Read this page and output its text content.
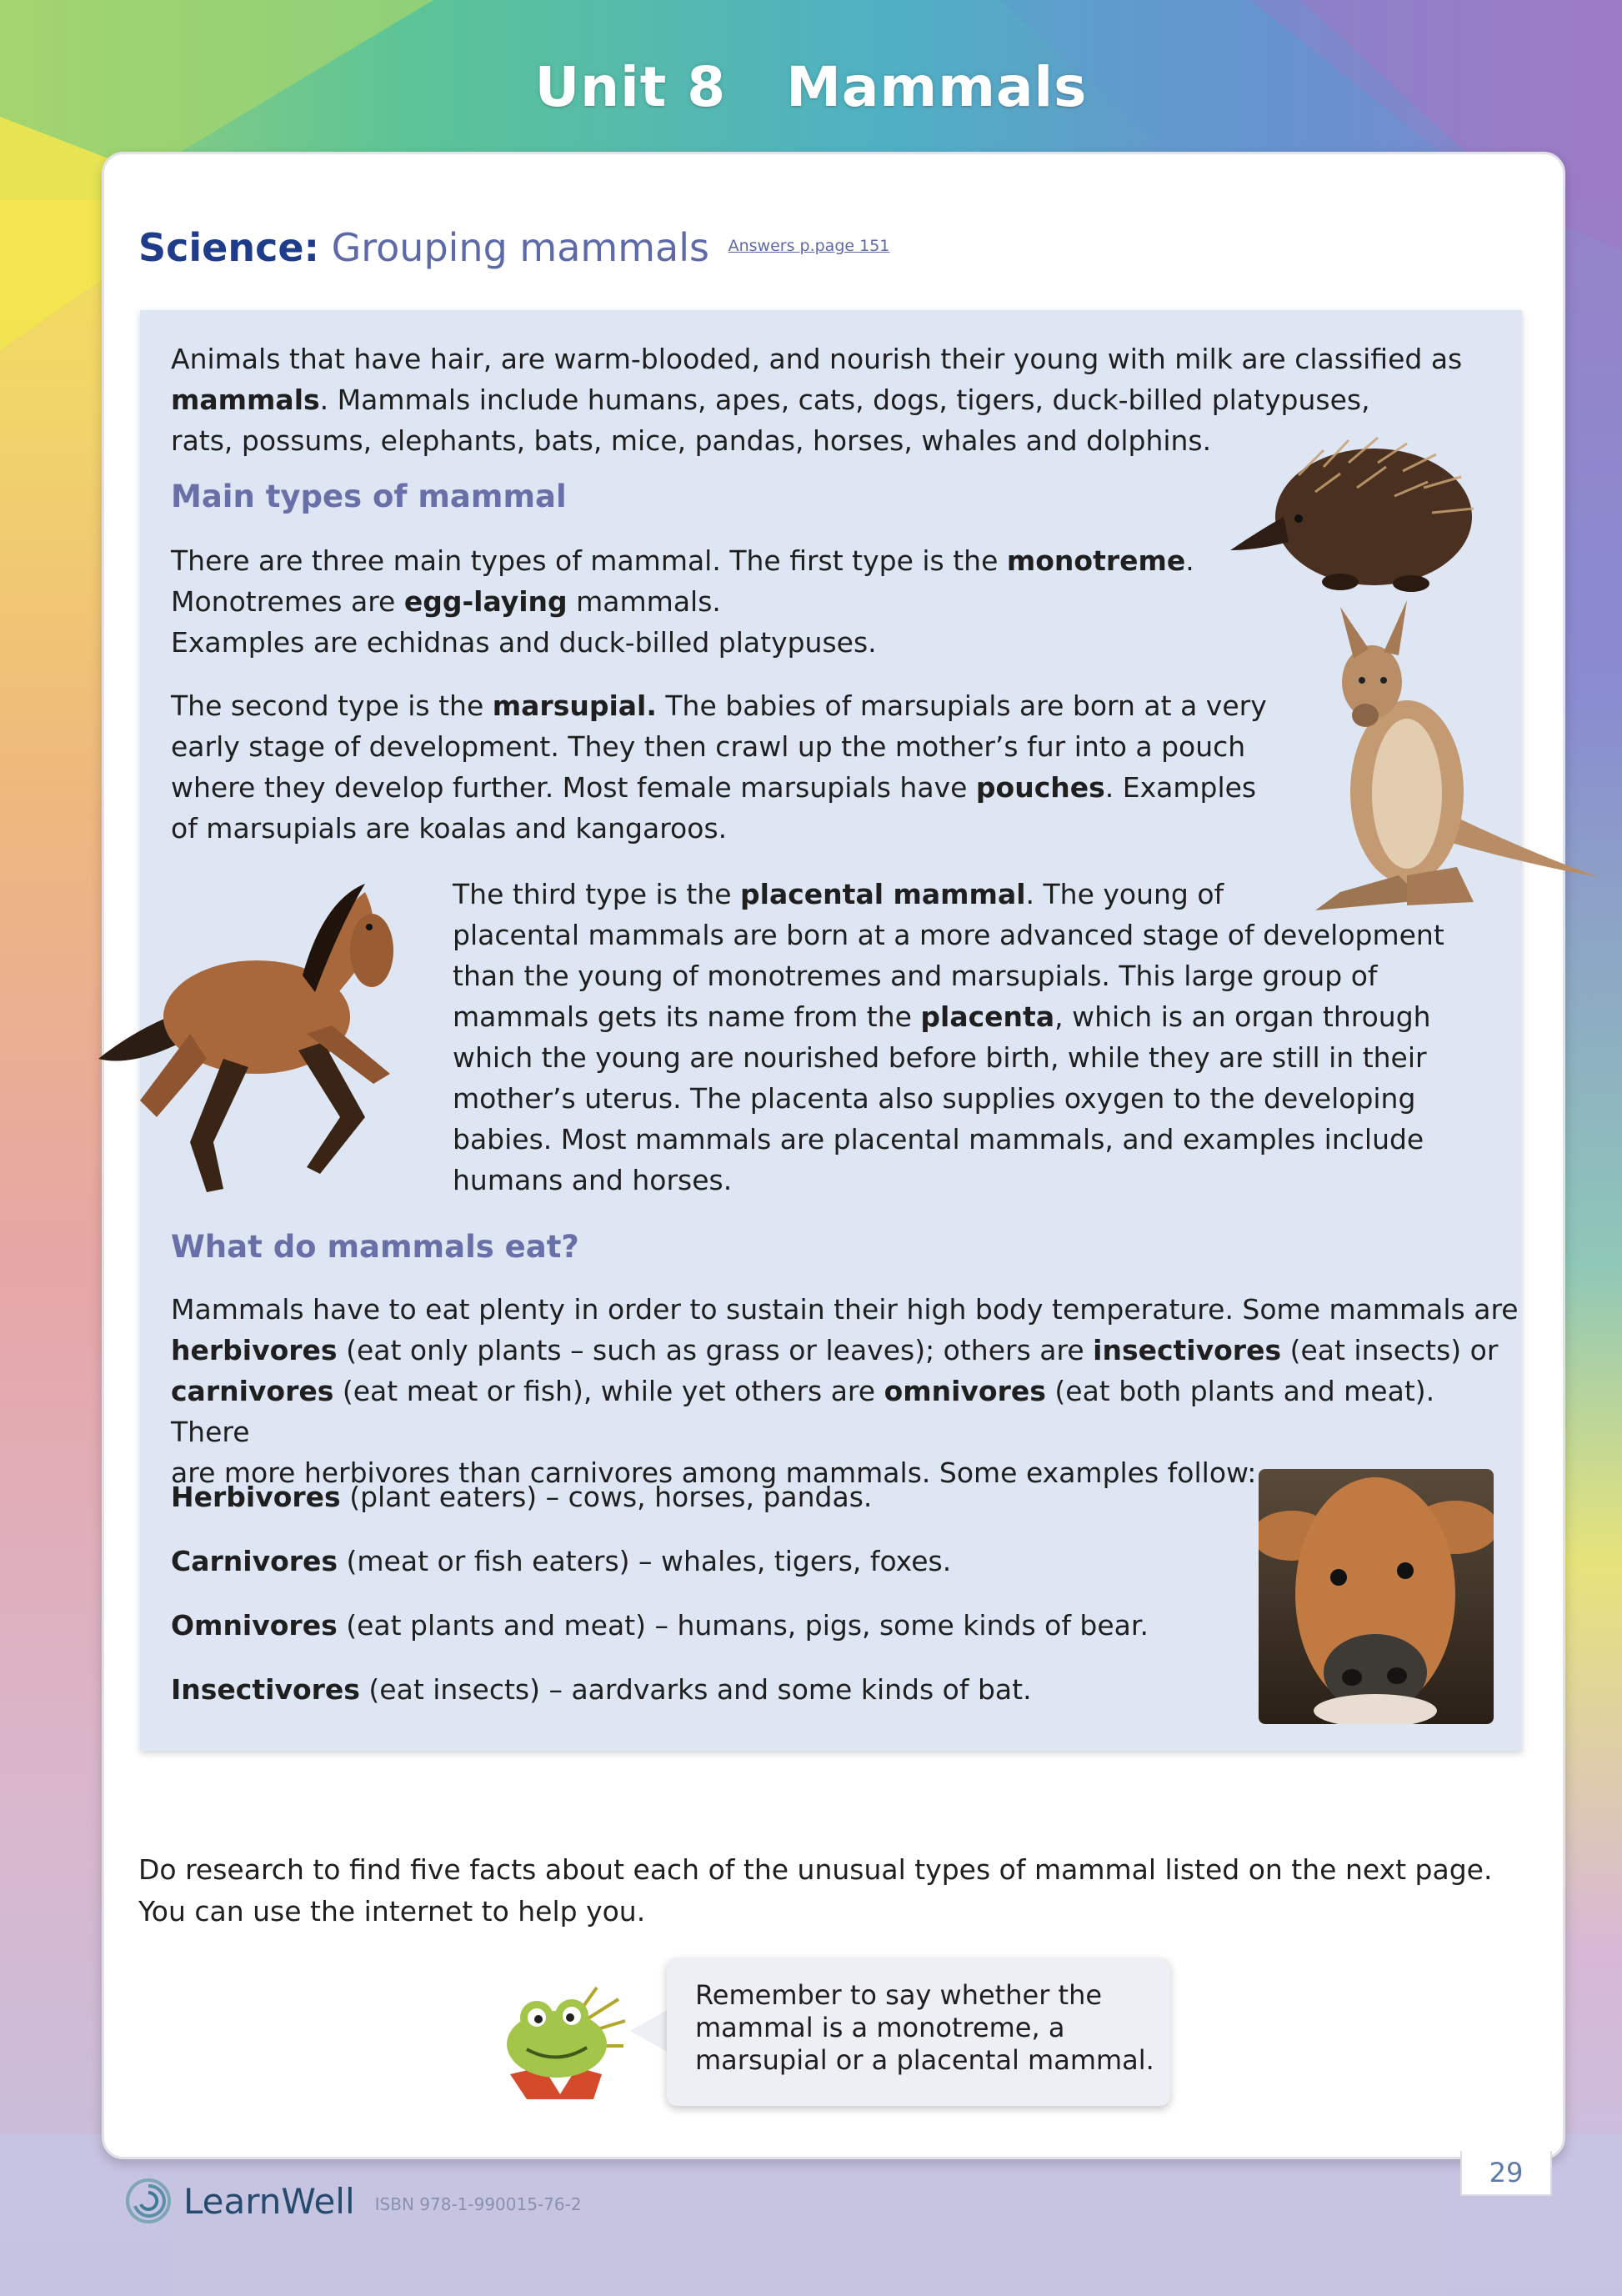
Unit 8 Mammals
Science: Grouping mammals $^{Answers p.page 151}$
Animals that have hair, are warm-blooded, and nourish their young with milk are classified as
mammals. Mammals include humans, apes, cats, dogs, tigers, duck-billed platypuses,
rats, possums, elephants, bats, mice, pandas, horses, whales and dolphins.
Main types of mammal
There are three main types of mammal. The first type is the monotreme.
Monotremes are egg-laying mammals.
Examples are echidnas and duck-billed platypuses.
The second type is the marsupial. The babies of marsupials are born at a very
early stage of development. They then crawl up the mother’s fur into a pouch
where they develop further. Most female marsupials have pouches. Examples
of marsupials are koalas and kangaroos.
The third type is the placental mammal. The young of
placental mammals are born at a more advanced stage of development
than the young of monotremes and marsupials. This large group of
mammals gets its name from the placenta, which is an organ through
which the young are nourished before birth, while they are still in their
mother’s uterus. The placenta also supplies oxygen to the developing
babies. Most mammals are placental mammals, and examples include
humans and horses.
What do mammals eat?
Mammals have to eat plenty in order to sustain their high body temperature. Some mammals are
herbivores (eat only plants – such as grass or leaves); others are insectivores (eat insects) or
carnivores (eat meat or fish), while yet others are omnivores (eat both plants and meat). There
are more herbivores than carnivores among mammals. Some examples follow:
Herbivores (plant eaters) – cows, horses, pandas.
Carnivores (meat or fish eaters) – whales, tigers, foxes.
Omnivores (eat plants and meat) – humans, pigs, some kinds of bear.
Insectivores (eat insects) – aardvarks and some kinds of bat.
Do research to find five facts about each of the unusual types of mammal listed on the next page.
You can use the internet to help you.
Remember to say whether the
mammal is a monotreme, a
marsupial or a placental mammal.
29
LearnWell ISBN 978-1-990015-76-2
